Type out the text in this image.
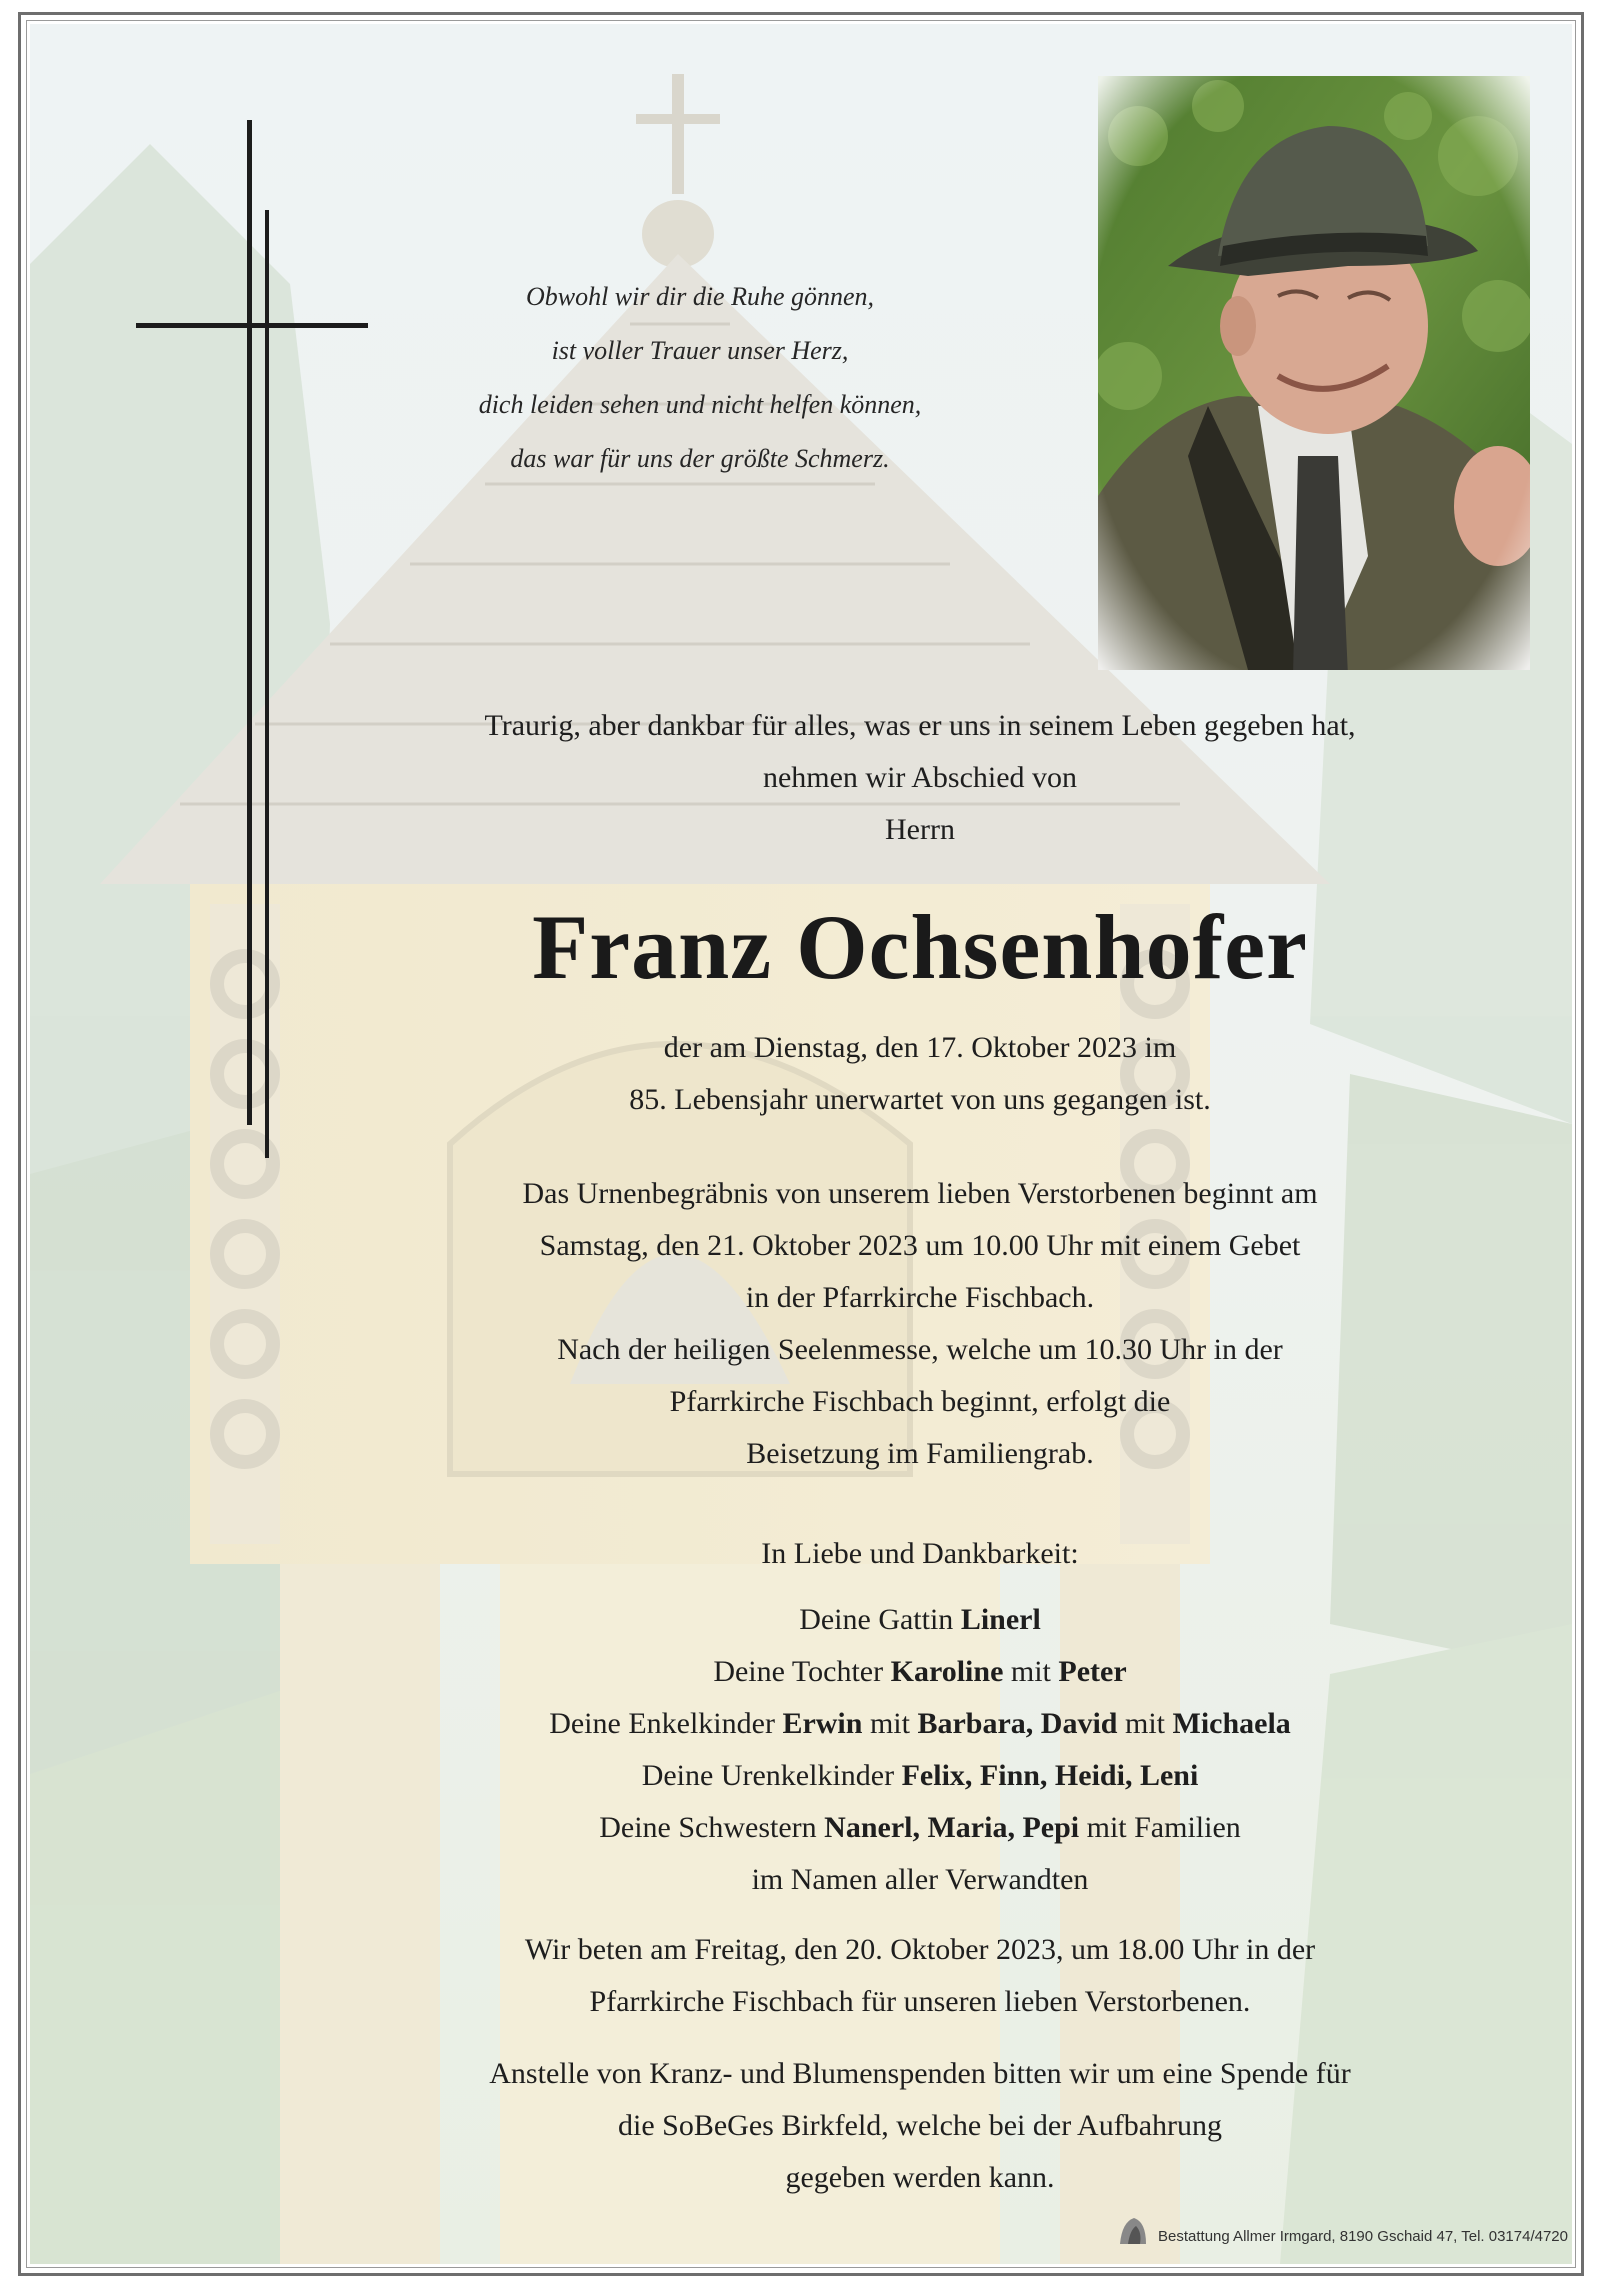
Obwohl wir dir die Ruhe gönnen,
ist voller Trauer unser Herz,
dich leiden sehen und nicht helfen können,
das war für uns der größte Schmerz.
Traurig, aber dankbar für alles, was er uns in seinem Leben gegeben hat,
nehmen wir Abschied von
Herrn
Franz Ochsenhofer
der am Dienstag, den 17. Oktober 2023 im
85. Lebensjahr unerwartet von uns gegangen ist.
Das Urnenbegräbnis von unserem lieben Verstorbenen beginnt am
Samstag, den 21. Oktober 2023 um 10.00 Uhr mit einem Gebet
in der Pfarrkirche Fischbach.
Nach der heiligen Seelenmesse, welche um 10.30 Uhr in der
Pfarrkirche Fischbach beginnt, erfolgt die
Beisetzung im Familiengrab.
In Liebe und Dankbarkeit:
Deine Gattin Linerl
Deine Tochter Karoline mit Peter
Deine Enkelkinder Erwin mit Barbara, David mit Michaela
Deine Urenkelkinder Felix, Finn, Heidi, Leni
Deine Schwestern Nanerl, Maria, Pepi mit Familien
im Namen aller Verwandten
Wir beten am Freitag, den 20. Oktober 2023, um 18.00 Uhr in der
Pfarrkirche Fischbach für unseren lieben Verstorbenen.
Anstelle von Kranz- und Blumenspenden bitten wir um eine Spende für
die SoBeGes Birkfeld, welche bei der Aufbahrung
gegeben werden kann.
Bestattung Allmer Irmgard, 8190 Gschaid 47, Tel. 03174/4720
